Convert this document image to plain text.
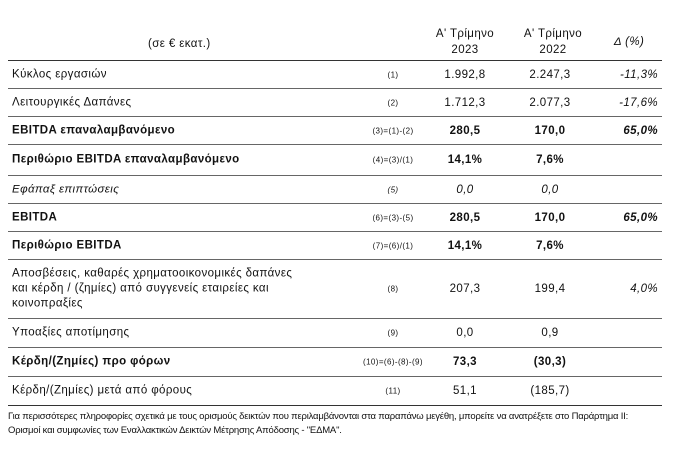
(σε € εκατ.)
Α' Τρίμηνο
2023
Α' Τρίμηνο
2022
Δ (%)
Κύκλος εργασιών	(1)	1.992,8	2.247,3	-11,3%
Λειτουργικές Δαπάνες	(2)	1.712,3	2.077,3	-17,6%
EBITDA επαναλαμβανόμενο	(3)=(1)-(2)	280,5	170,0	65,0%
Περιθώριο EBITDA επαναλαμβανόμενο	(4)=(3)/(1)	14,1%	7,6%
Εφάπαξ επιπτώσεις	(5)	0,0	0,0
EBITDA	(6)=(3)-(5)	280,5	170,0	65,0%
Περιθώριο EBITDA	(7)=(6)/(1)	14,1%	7,6%
Αποσβέσεις, καθαρές χρηματοοικονομικές δαπάνες
και κέρδη / (ζημίες) από συγγενείς εταιρείες και
κοινοπραξίες
(8)	207,3	199,4	4,0%
Υποαξίες αποτίμησης	(9)	0,0	0,9
Κέρδη/(Ζημίες) προ φόρων	(10)=(6)-(8)-(9)	73,3	(30,3)
Κέρδη/(Ζημίες) μετά από φόρους	(11)	51,1	(185,7)
Για περισσότερες πληροφορίες σχετικά με τους ορισμούς δεικτών που περιλαμβάνονται στα παραπάνω μεγέθη, μπορείτε να ανατρέξετε στο Παράρτημα ΙΙ:
Ορισμοί και συμφωνίες των Εναλλακτικών Δεικτών Μέτρησης Απόδοσης - "ΕΔΜΑ".
